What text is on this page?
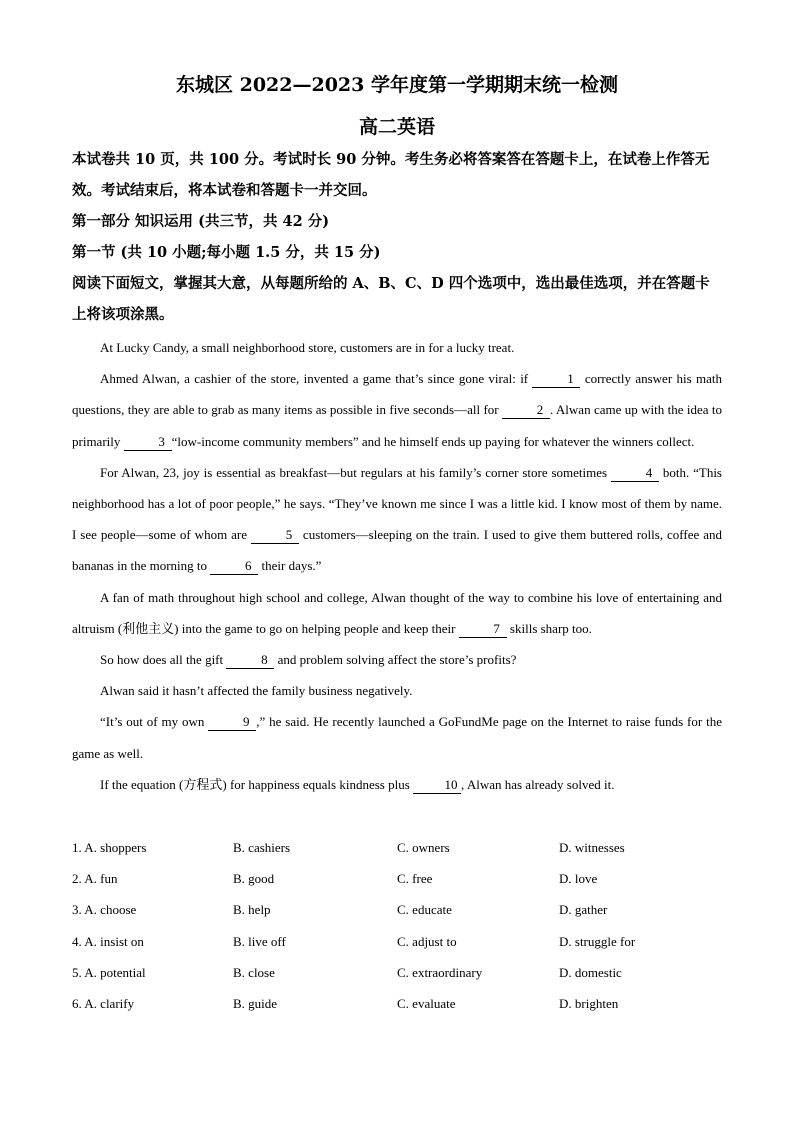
东城区 2022—2023 学年度第一学期期末统一检测
高二英语
本试卷共 10 页，共 100 分。考试时长 90 分钟。考生务必将答案答在答题卡上，在试卷上作答无效。考试结束后，将本试卷和答题卡一并交回。
第一部分 知识运用 (共三节，共 42 分)
第一节 (共 10 小题;每小题 1.5 分，共 15 分)
阅读下面短文，掌握其大意，从每题所给的 A、B、C、D 四个选项中，选出最佳选项，并在答题卡上将该项涂黑。

At Lucky Candy, a small neighborhood store, customers are in for a lucky treat.

Ahmed Alwan, a cashier of the store, invented a game that’s since gone viral: if	1 correctly answer his math questions, they are able to grab as many items as possible in five seconds—all for	2 . Alwan came up with the idea to primarily	3 “low-income community members” and he himself ends up paying for whatever the winners collect.

For Alwan, 23, joy is essential as breakfast—but regulars at his family’s corner store sometimes	4 both. “This neighborhood has a lot of poor people,” he says. “They’ve known me since I was a little kid. I know most of them by name. I see people—some of whom are	5 customers—sleeping on the train. I used to give them buttered rolls, coffee and bananas in the morning to	6 their days.”

A fan of math throughout high school and college, Alwan thought of the way to combine his love of entertaining and altruism (利他主义) into the game to go on helping people and keep their	7 skills sharp too.

So how does all the gift	8 and problem solving affect the store’s profits?

Alwan said it hasn’t affected the family business negatively.

“It’s out of my own	9 ,” he said. He recently launched a GoFundMe page on the Internet to raise funds for the game as well.

If the equation (方程式) for happiness equals kindness plus 10 , Alwan has already solved it.

1. A. shoppers	B. cashiers	C. owners	D. witnesses
2. A. fun	B. good	C. free	D. love
3. A. choose	B. help	C. educate	D. gather
4. A. insist on	B. live off	C. adjust to	D. struggle for
5. A. potential	B. close	C. extraordinary	D. domestic
6. A. clarify	B. guide	C. evaluate	D. brighten
